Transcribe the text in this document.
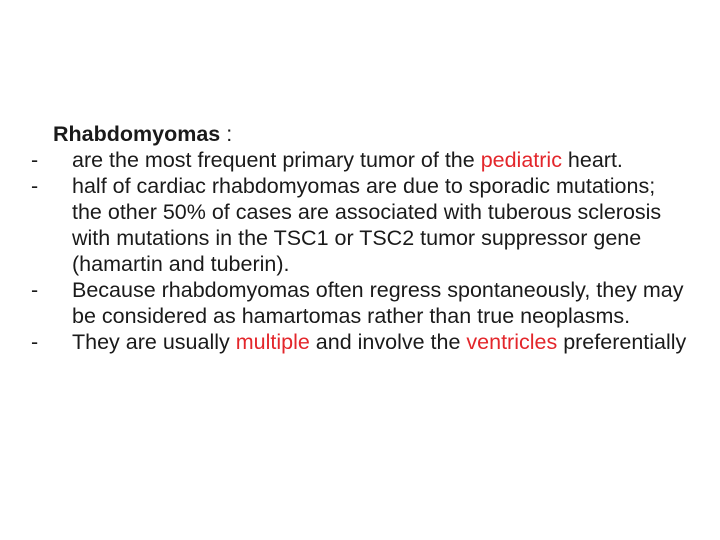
Rhabdomyomas :
- are the most frequent primary tumor of the pediatric heart.
- half of cardiac rhabdomyomas are due to sporadic mutations; the other 50% of cases are associated with tuberous sclerosis with mutations in the TSC1 or TSC2 tumor suppressor gene (hamartin and tuberin).
- Because rhabdomyomas often regress spontaneously, they may be considered as hamartomas rather than true neoplasms.
- They are usually multiple and involve the ventricles preferentially
